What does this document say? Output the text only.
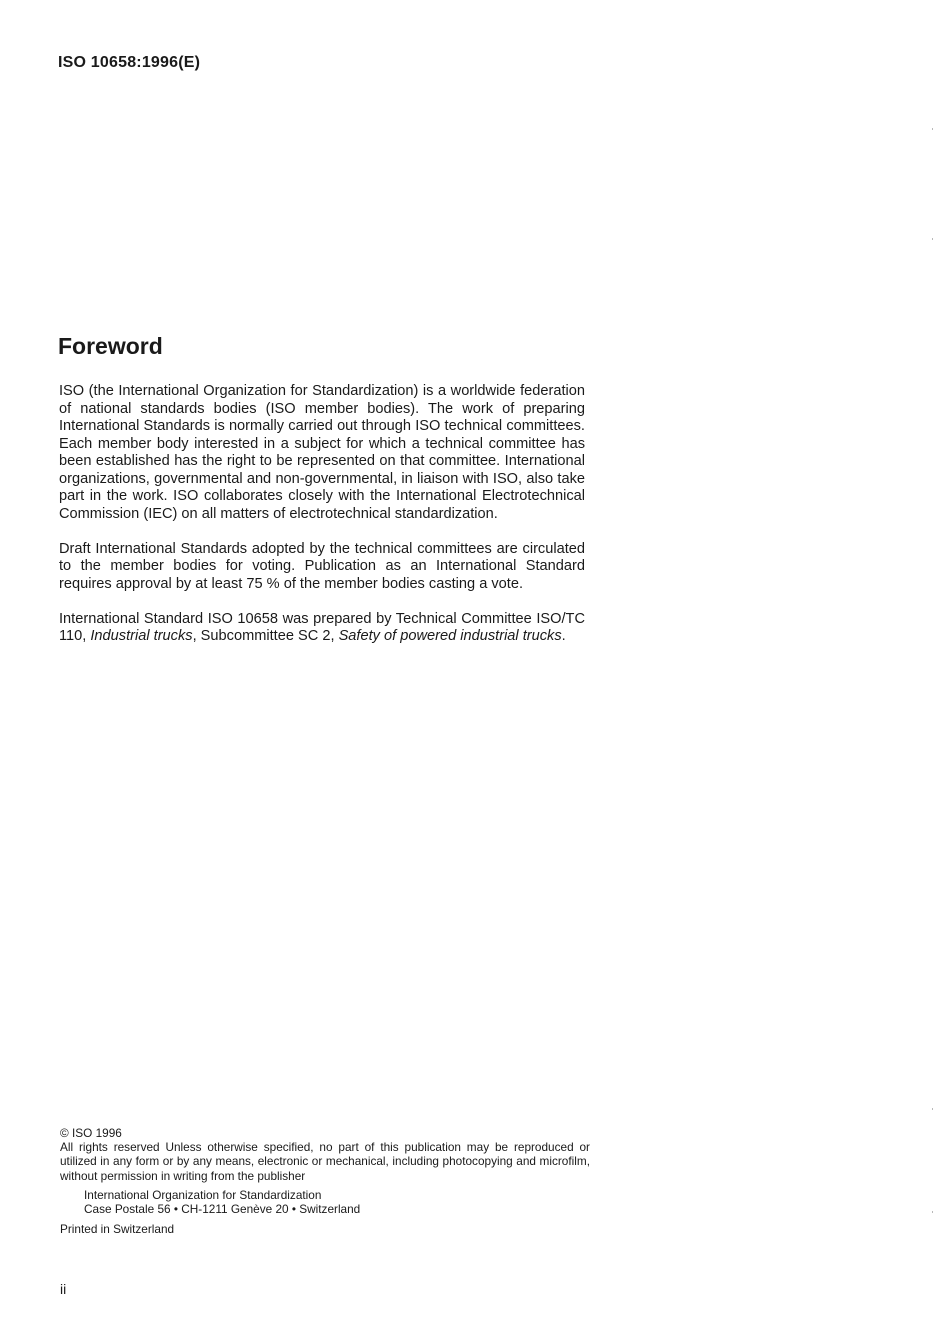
ISO 10658:1996(E)
Foreword

ISO (the International Organization for Standardization) is a worldwide federation of national standards bodies (ISO member bodies). The work of preparing International Standards is normally carried out through ISO technical committees. Each member body interested in a subject for which a technical committee has been established has the right to be represented on that committee. International organizations, governmental and non-governmental, in liaison with ISO, also take part in the work. ISO collaborates closely with the International Electrotechnical Commission (IEC) on all matters of electrotechnical standardization.

Draft International Standards adopted by the technical committees are circulated to the member bodies for voting. Publication as an International Standard requires approval by at least 75 % of the member bodies casting a vote.

International Standard ISO 10658 was prepared by Technical Committee ISO/TC 110, Industrial trucks, Subcommittee SC 2, Safety of powered industrial trucks.

© ISO 1996

All rights reserved Unless otherwise specified, no part of this publication may be reproduced or utilized in any form or by any means, electronic or mechanical, including photocopying and microfilm, without permission in writing from the publisher

International Organization for Standardization
Case Postale 56 • CH-1211 Genève 20 • Switzerland

Printed in Switzerland

ii
